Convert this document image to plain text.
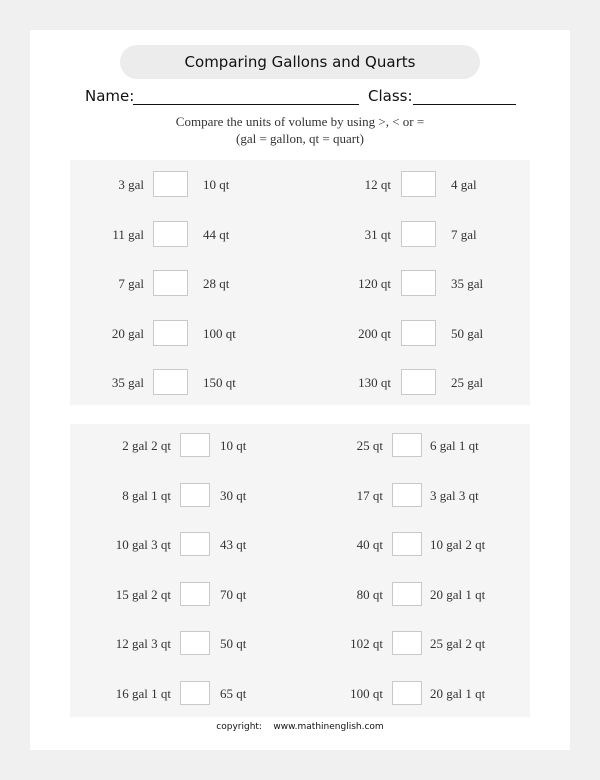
Comparing Gallons and Quarts
Name:	Class:
Compare the units of volume by using >, < or =
(gal = gallon, qt = quart)
3 gal	10 qt
11 gal	44 qt
7 gal	28 qt
20 gal	100 qt
35 gal	150 qt
12 qt	4 gal
31 qt	7 gal
120 qt	35 gal
200 qt	50 gal
130 qt	25 gal
2 gal 2 qt	10 qt
8 gal 1 qt	30 qt
10 gal 3 qt	43 qt
15 gal 2 qt	70 qt
12 gal 3 qt	50 qt
16 gal 1 qt	65 qt
25 qt	6 gal 1 qt
17 qt	3 gal 3 qt
40 qt	10 gal 2 qt
80 qt	20 gal 1 qt
102 qt	25 gal 2 qt
100 qt	20 gal 1 qt
copyright:    www.mathinenglish.com
